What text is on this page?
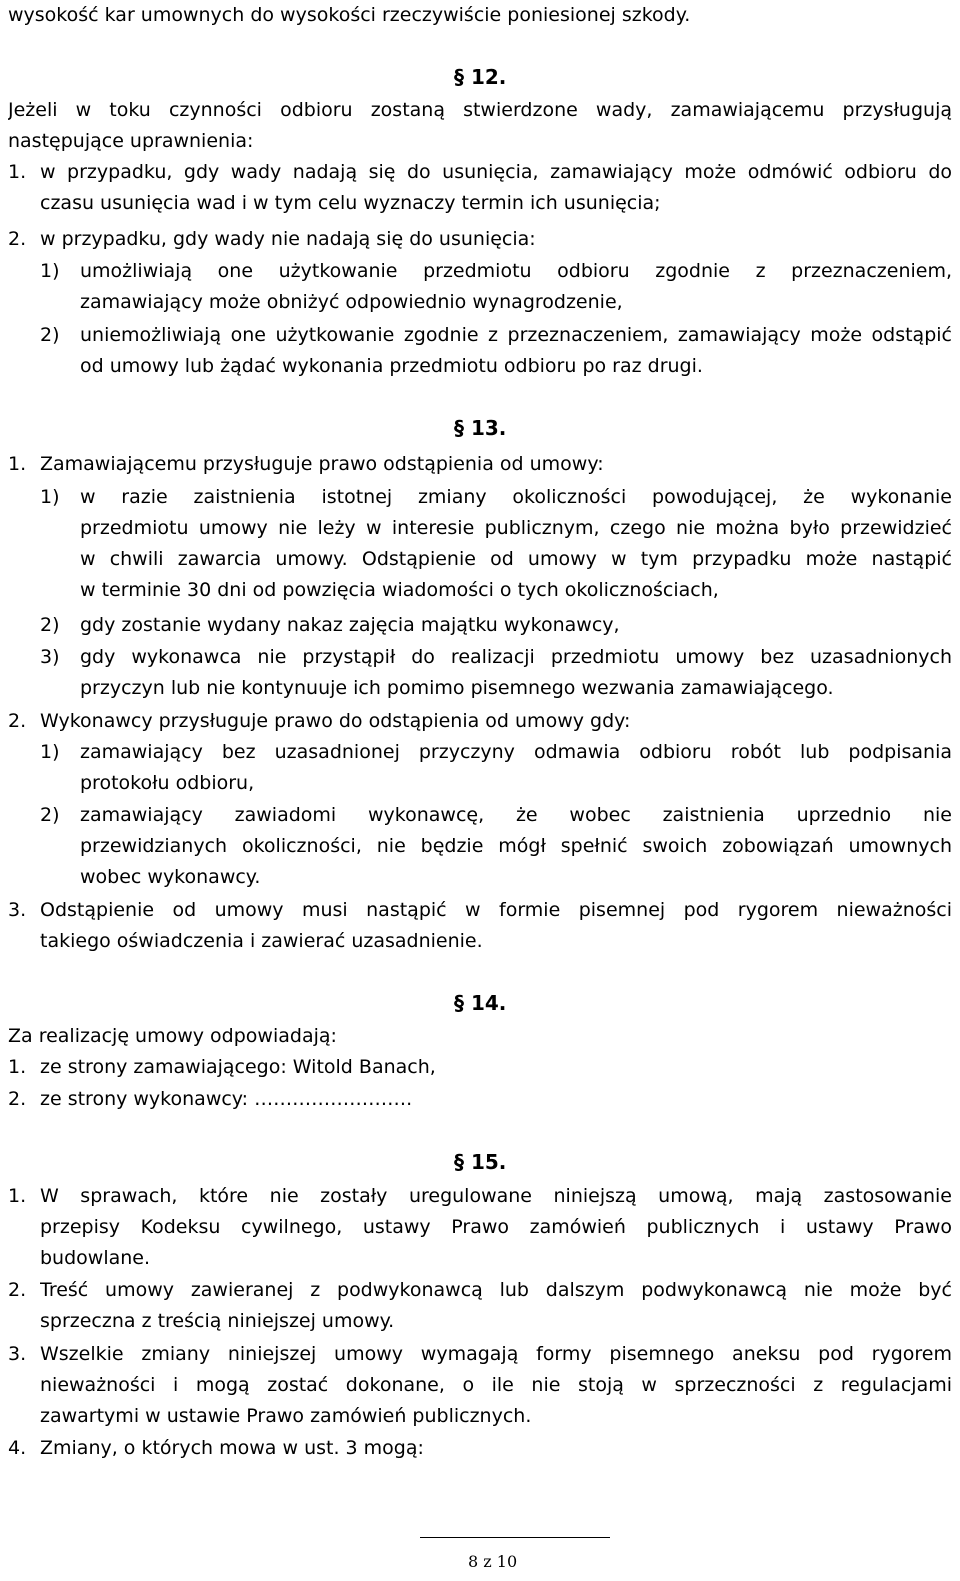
wysokość kar umownych do wysokości rzeczywiście poniesionej szkody.
§ 12.
Jeżeli w toku czynności odbioru zostaną stwierdzone wady, zamawiającemu przysługują
następujące uprawnienia:
1. w przypadku, gdy wady nadają się do usunięcia, zamawiający może odmówić odbioru do
czasu usunięcia wad i w tym celu wyznaczy termin ich usunięcia;
2. w przypadku, gdy wady nie nadają się do usunięcia:
1) umożliwiają one użytkowanie przedmiotu odbioru zgodnie z przeznaczeniem,
zamawiający może obniżyć odpowiednio wynagrodzenie,
2) uniemożliwiają one użytkowanie zgodnie z przeznaczeniem, zamawiający może odstąpić
od umowy lub żądać wykonania przedmiotu odbioru po raz drugi.
§ 13.
1. Zamawiającemu przysługuje prawo odstąpienia od umowy:
1) w razie zaistnienia istotnej zmiany okoliczności powodującej, że wykonanie
przedmiotu umowy nie leży w interesie publicznym, czego nie można było przewidzieć
w chwili zawarcia umowy. Odstąpienie od umowy w tym przypadku może nastąpić
w terminie 30 dni od powzięcia wiadomości o tych okolicznościach,
2) gdy zostanie wydany nakaz zajęcia majątku wykonawcy,
3) gdy wykonawca nie przystąpił do realizacji przedmiotu umowy bez uzasadnionych
przyczyn lub nie kontynuuje ich pomimo pisemnego wezwania zamawiającego.
2. Wykonawcy przysługuje prawo do odstąpienia od umowy gdy:
1) zamawiający bez uzasadnionej przyczyny odmawia odbioru robót lub podpisania
protokołu odbioru,
2) zamawiający zawiadomi wykonawcę, że wobec zaistnienia uprzednio nie
przewidzianych okoliczności, nie będzie mógł spełnić swoich zobowiązań umownych
wobec wykonawcy.
3. Odstąpienie od umowy musi nastąpić w formie pisemnej pod rygorem nieważności
takiego oświadczenia i zawierać uzasadnienie.
§ 14.
Za realizację umowy odpowiadają:
1. ze strony zamawiającego: Witold Banach,
2. ze strony wykonawcy: …………………….
§ 15.
1. W sprawach, które nie zostały uregulowane niniejszą umową, mają zastosowanie
przepisy Kodeksu cywilnego, ustawy Prawo zamówień publicznych i ustawy Prawo
budowlane.
2. Treść umowy zawieranej z podwykonawcą lub dalszym podwykonawcą nie może być
sprzeczna z treścią niniejszej umowy.
3. Wszelkie zmiany niniejszej umowy wymagają formy pisemnego aneksu pod rygorem
nieważności i mogą zostać dokonane, o ile nie stoją w sprzeczności z regulacjami
zawartymi w ustawie Prawo zamówień publicznych.
4. Zmiany, o których mowa w ust. 3 mogą:
8 z 10
